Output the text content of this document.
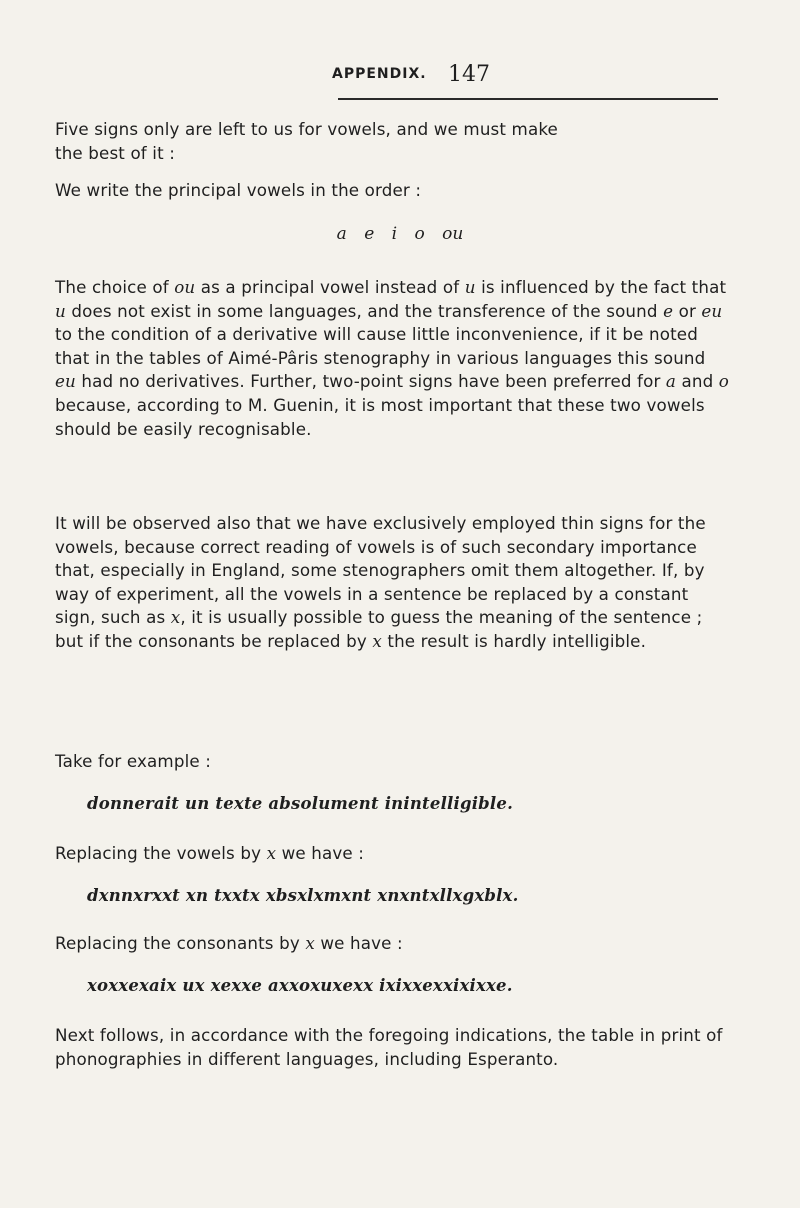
APPENDIX. 147

Five signs only are left to us for vowels, and we must make
the best of it :

We write the principal vowels in the order :

a e i o ou

The choice of ou as a principal vowel instead of u is influenced by the fact that u does not exist in some languages, and the transference of the sound e or eu to the condition of a derivative will cause little inconvenience, if it be noted that in the tables of Aimé-Pâris stenography in various languages this sound eu had no derivatives. Further, two-point signs have been preferred for a and o because, according to M. Guenin, it is most important that these two vowels should be easily recognisable.

It will be observed also that we have exclusively employed thin signs for the vowels, because correct reading of vowels is of such secondary importance that, especially in England, some stenographers omit them altogether. If, by way of experiment, all the vowels in a sentence be replaced by a constant sign, such as x, it is usually possible to guess the meaning of the sentence ; but if the consonants be replaced by x the result is hardly intelligible.

Take for example :

donnerait un texte absolument inintelligible.

Replacing the vowels by x we have :

dxnnxrxxt xn txxtx xbsxlxmxnt xnxntxllxgxblx.

Replacing the consonants by x we have :

xoxxexaix ux xexxe axxoxuxexx ixixxexxixixxe.

Next follows, in accordance with the foregoing indications, the table in print of phonographies in different languages, including Esperanto.
